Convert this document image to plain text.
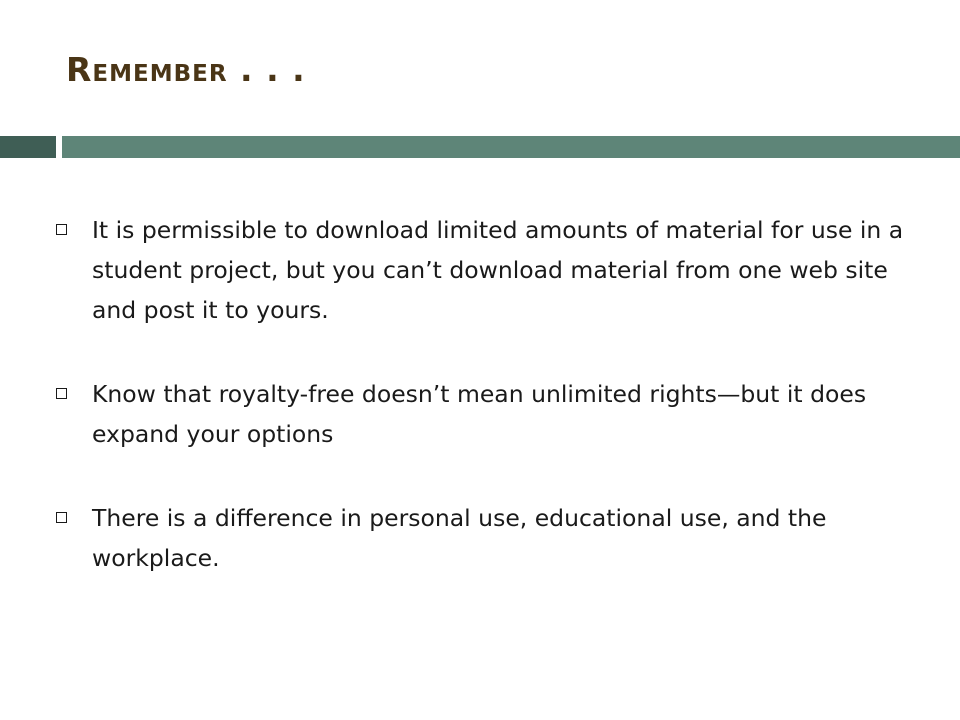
Remember . . .
It is permissible to download limited amounts of material for use in a student project, but you can’t download material from one web site and post it to yours.
Know that royalty-free doesn’t mean unlimited rights—but it does expand your options
There is a difference in personal use, educational use, and the workplace.
